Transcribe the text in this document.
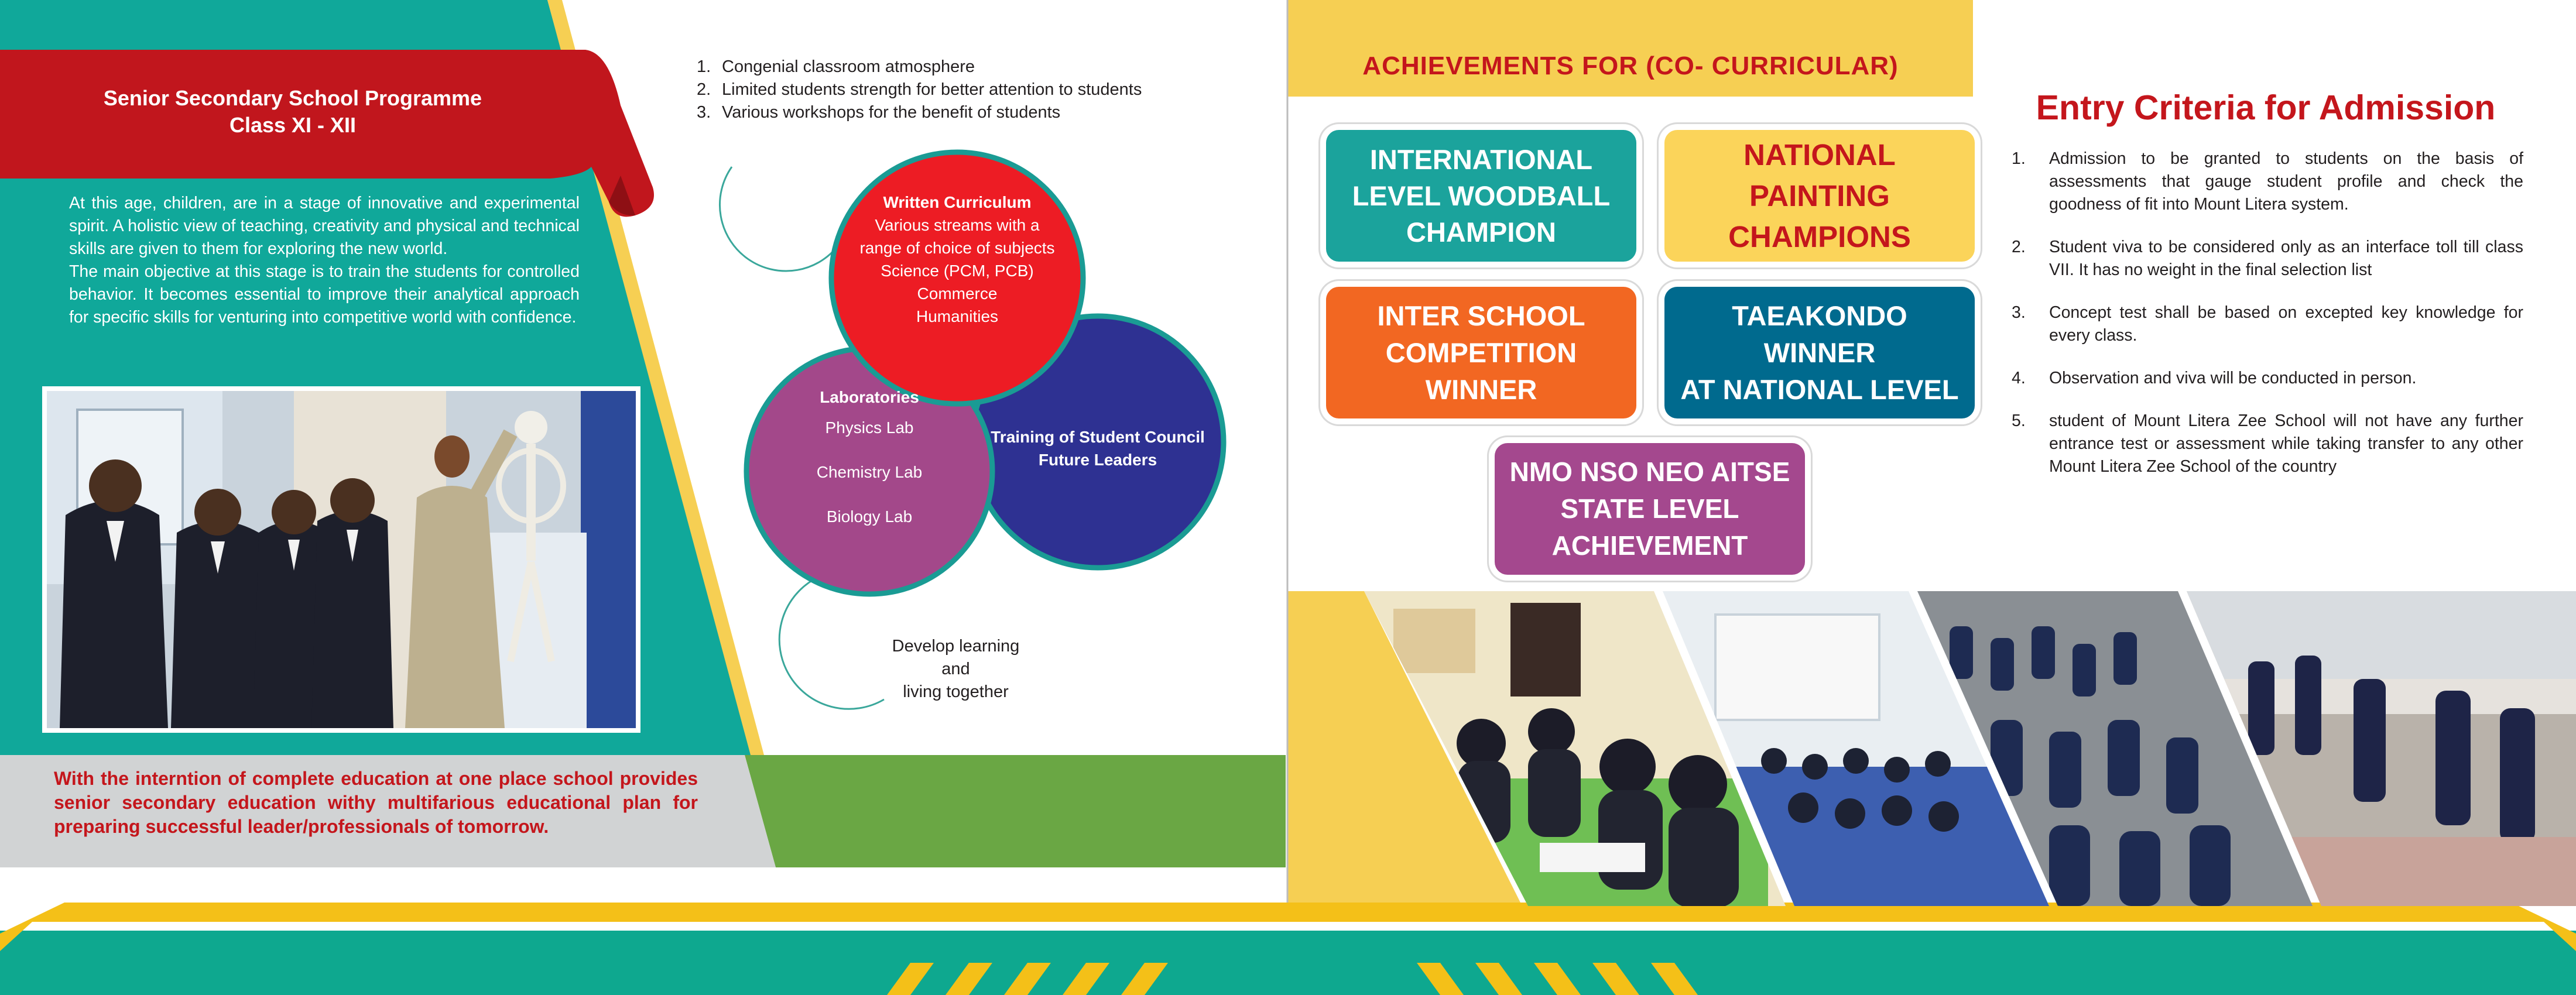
Senior Secondary School Programme
Class XI - XII

At this age, children, are in a stage of innovative and experimental spirit. A holistic view of teaching, creativity and physical and technical skills are given to them for exploring the new world.

The main objective at this stage is to train the students for controlled behavior. It becomes essential to improve their analytical approach for specific skills for venturing into competitive world with confidence.

With the interntion of complete education at one place school provides senior secondary education withy multifarious educational plan for preparing successful leader/professionals of tomorrow.
1. Congenial classroom atmosphere
2. Limited students strength for better attention to students
3. Various workshops for the benefit of students
Written Curriculum
Various streams with a
range of choice of subjects
Science (PCM, PCB)
Commerce
Humanities
Laboratories
Physics Lab
Chemistry Lab
Biology Lab
Training of Student Council
Future Leaders
Develop learning
and
living together
ACHIEVEMENTS FOR (CO- CURRICULAR)
INTERNATIONAL
LEVEL WOODBALL
CHAMPION
NATIONAL
PAINTING
CHAMPIONS
INTER SCHOOL
COMPETITION
WINNER
TAEAKONDO
WINNER
AT NATIONAL LEVEL
NMO NSO NEO AITSE
STATE LEVEL
ACHIEVEMENT
Entry Criteria for Admission
1. Admission to be granted to students on the basis of assessments that gauge student profile and check the goodness of fit into Mount Litera system.
2. Student viva to be considered only as an interface toll till class VII. It has no weight in the final selection list
3. Concept test shall be based on excepted key knowledge for every class.
4. Observation and viva will be conducted in person.
5. student of Mount Litera Zee School will not have any further entrance test or assessment while taking transfer to any other Mount Litera Zee School of the country
